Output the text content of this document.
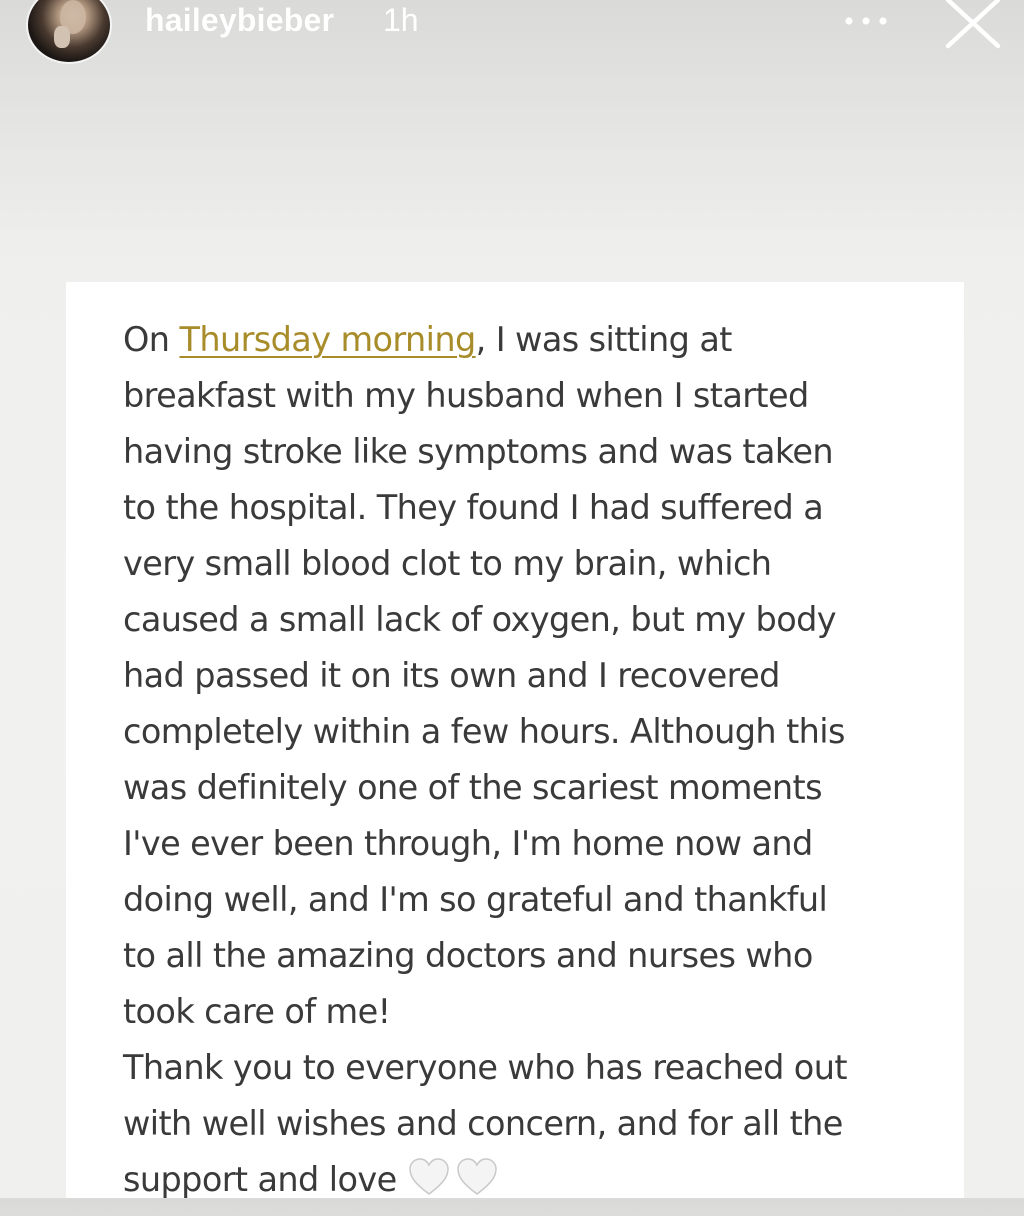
haileybieber 1h
On Thursday morning, I was sitting at
breakfast with my husband when I started
having stroke like symptoms and was taken
to the hospital. They found I had suffered a
very small blood clot to my brain, which
caused a small lack of oxygen, but my body
had passed it on its own and I recovered
completely within a few hours. Although this
was definitely one of the scariest moments
I've ever been through, I'm home now and
doing well, and I'm so grateful and thankful
to all the amazing doctors and nurses who
took care of me!
Thank you to everyone who has reached out
with well wishes and concern, and for all the
support and love
